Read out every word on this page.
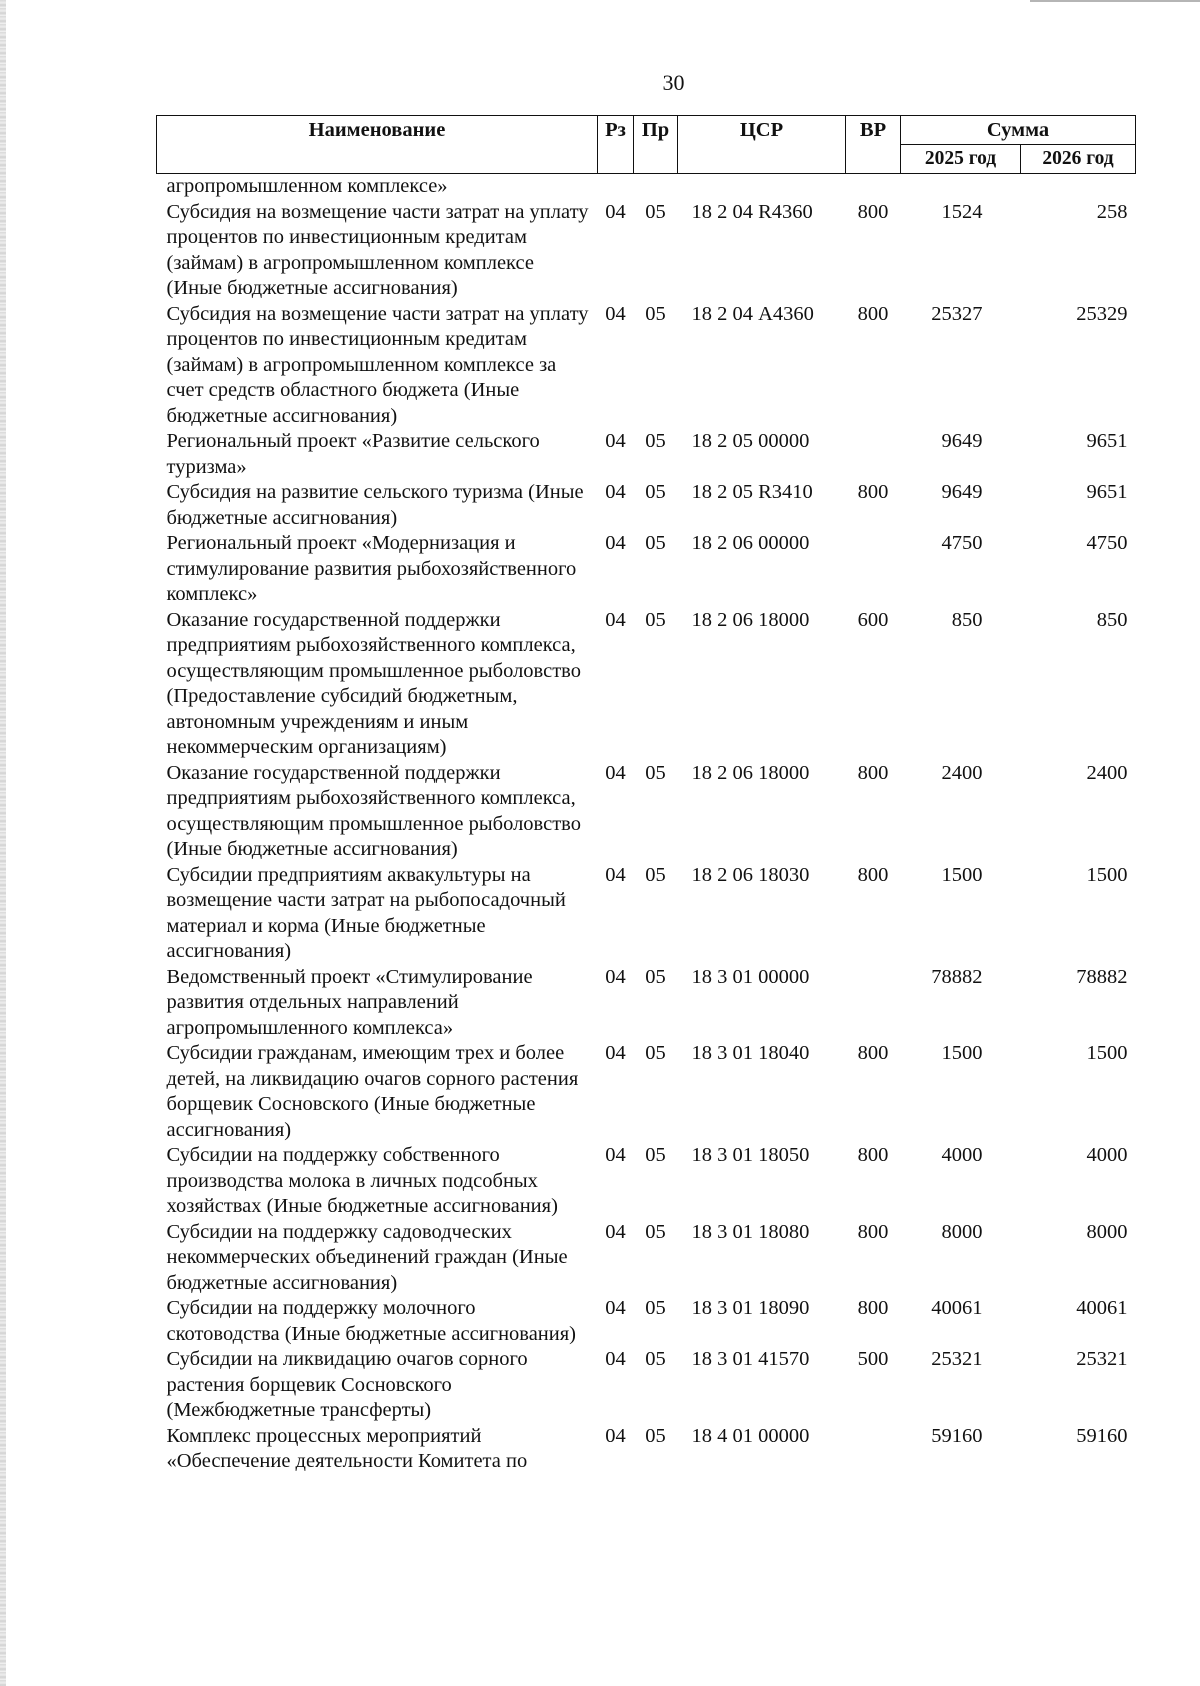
30
Наименование	Рз	Пр	ЦСР	ВР	Сумма	
					2025 год	2026 год
агропромышленном комплексе»						
Субсидия на возмещение части затрат на уплату процентов по инвестиционным кредитам (займам) в агропромышленном комплексе (Иные бюджетные ассигнования)	04	05	18 2 04 R4360	800	1524	258
Субсидия на возмещение части затрат на уплату процентов по инвестиционным кредитам (займам) в агропромышленном комплексе за счет средств областного бюджета (Иные бюджетные ассигнования)	04	05	18 2 04 А4360	800	25327	25329
Региональный проект «Развитие сельского туризма»	04	05	18 2 05 00000		9649	9651
Субсидия на развитие сельского туризма (Иные бюджетные ассигнования)	04	05	18 2 05 R3410	800	9649	9651
Региональный проект «Модернизация и стимулирование развития рыбохозяйственного комплекс»	04	05	18 2 06 00000		4750	4750
Оказание государственной поддержки предприятиям рыбохозяйственного комплекса, осуществляющим промышленное рыболовство (Предоставление субсидий бюджетным, автономным учреждениям и иным некоммерческим организациям)	04	05	18 2 06 18000	600	850	850
Оказание государственной поддержки предприятиям рыбохозяйственного комплекса, осуществляющим промышленное рыболовство (Иные бюджетные ассигнования)	04	05	18 2 06 18000	800	2400	2400
Субсидии предприятиям аквакультуры на возмещение части затрат на рыбопосадочный материал и корма (Иные бюджетные ассигнования)	04	05	18 2 06 18030	800	1500	1500
Ведомственный проект «Стимулирование развития отдельных направлений агропромышленного комплекса»	04	05	18 3 01 00000		78882	78882
Субсидии гражданам, имеющим трех и более детей, на ликвидацию очагов сорного растения борщевик Сосновского (Иные бюджетные ассигнования)	04	05	18 3 01 18040	800	1500	1500
Субсидии на поддержку собственного производства молока в личных подсобных хозяйствах (Иные бюджетные ассигнования)	04	05	18 3 01 18050	800	4000	4000
Субсидии на поддержку садоводческих некоммерческих объединений граждан (Иные бюджетные ассигнования)	04	05	18 3 01 18080	800	8000	8000
Субсидии на поддержку молочного скотоводства (Иные бюджетные ассигнования)	04	05	18 3 01 18090	800	40061	40061
Субсидии на ликвидацию очагов сорного растения борщевик Сосновского (Межбюджетные трансферты)	04	05	18 3 01 41570	500	25321	25321
Комплекс процессных мероприятий «Обеспечение деятельности Комитета по	04	05	18 4 01 00000		59160	59160
